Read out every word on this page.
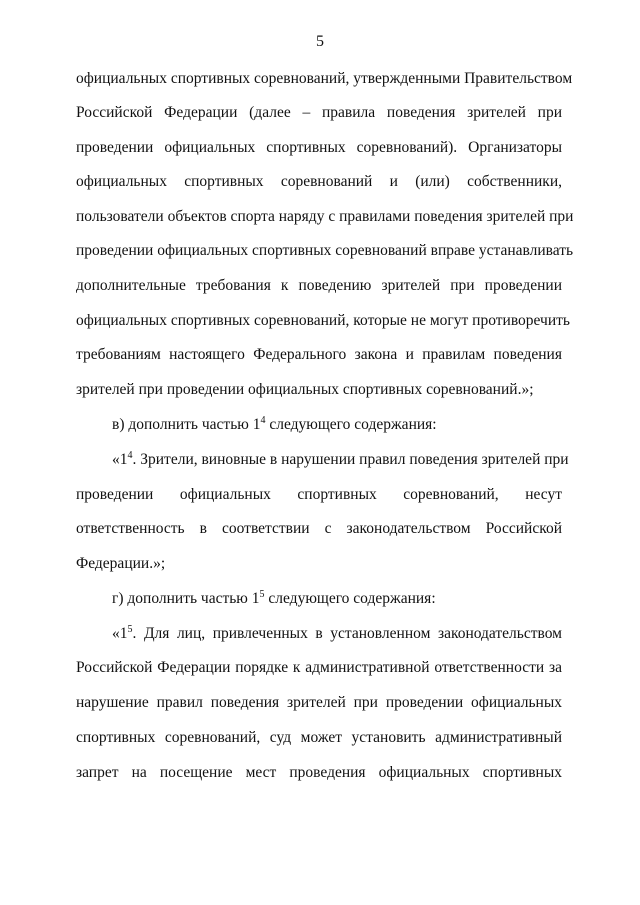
5
официальных спортивных соревнований, утвержденными Правительством
Российской Федерации (далее – правила поведения зрителей при
проведении официальных спортивных соревнований). Организаторы
официальных спортивных соревнований и (или) собственники,
пользователи объектов спорта наряду с правилами поведения зрителей при
проведении официальных спортивных соревнований вправе устанавливать
дополнительные требования к поведению зрителей при проведении
официальных спортивных соревнований, которые не могут противоречить
требованиям настоящего Федерального закона и правилам поведения
зрителей при проведении официальных спортивных соревнований.»;
в) дополнить частью $1^4$ следующего содержания:
«$1^4$. Зрители, виновные в нарушении правил поведения зрителей при
проведении официальных спортивных соревнований, несут
ответственность в соответствии с законодательством Российской
Федерации.»;
г) дополнить частью $1^5$ следующего содержания:
«$1^5$. Для лиц, привлеченных в установленном законодательством
Российской Федерации порядке к административной ответственности за
нарушение правил поведения зрителей при проведении официальных
спортивных соревнований, суд может установить административный
запрет на посещение мест проведения официальных спортивных
